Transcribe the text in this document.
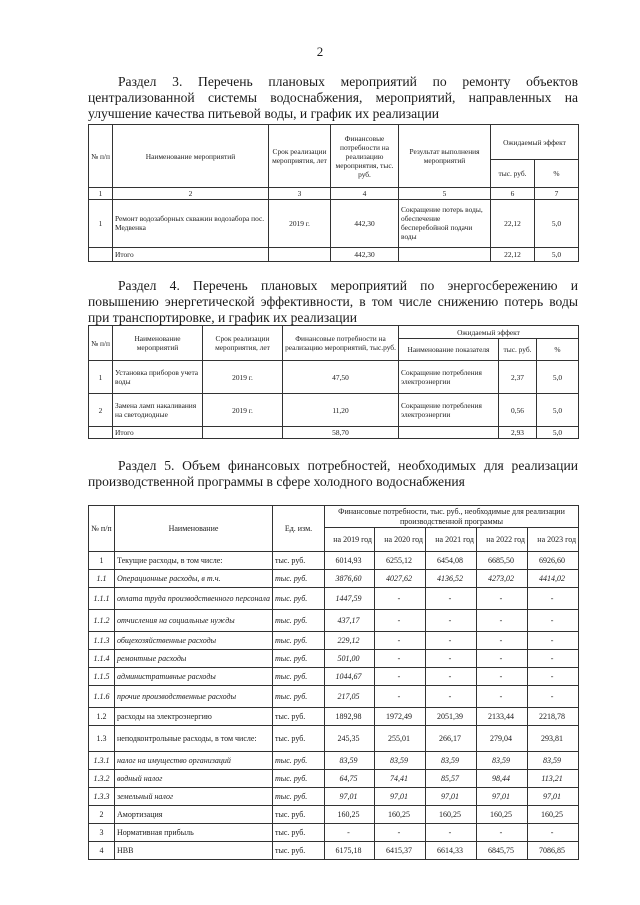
2
Раздел 3. Перечень плановых мероприятий по ремонту объектов централизованной системы водоснабжения, мероприятий, направленных на улучшение качества питьевой воды, и график их реализации
№ п/п	Наименование мероприятий	Срок реализации мероприятия, лет	Финансовые потребности на реализацию мероприятия, тыс. руб.	Результат выполнения мероприятий	Ожидаемый эффект	
					тыс. руб.	%
1	2	3	4	5	6	7
1	Ремонт водозаборных скважин водозабора пос. Медвенка	2019 г.	442,30	Сокращение потерь воды, обеспечение бесперебойной подачи воды	22,12	5,0
	Итого		442,30		22,12	5,0
Раздел 4. Перечень плановых мероприятий по энергосбережению и повышению энергетической эффективности, в том числе снижению потерь воды при транспортировке, и график их реализации
№ п/п	Наименование мероприятий	Срок реализации мероприятия, лет	Финансовые потребности на реализацию мероприятий, тыс.руб.	Ожидаемый эффект		
				Наименование показателя	тыс. руб.	%
1	Установка приборов учета воды	2019 г.	47,50	Сокращение потребления электроэнергии	2,37	5,0
2	Замена ламп накаливания на светодиодные	2019 г.	11,20	Сокращение потребления электроэнергии	0,56	5,0
	Итого		58,70		2,93	5,0
Раздел 5. Объем финансовых потребностей, необходимых для реализации производственной программы в сфере холодного водоснабжения
№ п/п	Наименование	Ед. изм.	Финансовые потребности, тыс. руб., необходимые для реализации производственной программы				
			на 2019 год	на 2020 год	на 2021 год	на 2022 год	на 2023 год
1	Текущие расходы, в том числе:	тыс. руб.	6014,93	6255,12	6454,08	6685,50	6926,60
1.1	Операционные расходы, в т.ч.	тыс. руб.	3876,60	4027,62	4136,52	4273,02	4414,02
1.1.1	оплата труда производственного персонала	тыс. руб.	1447,59	-	-	-	-
1.1.2	отчисления на социальные нужды	тыс. руб.	437,17	-	-	-	-
1.1.3	общехозяйственные расходы	тыс. руб.	229,12	-	-	-	-
1.1.4	ремонтные расходы	тыс. руб.	501,00	-	-	-	-
1.1.5	административные расходы	тыс. руб.	1044,67	-	-	-	-
1.1.6	прочие производственные расходы	тыс. руб.	217,05	-	-	-	-
1.2	расходы на электроэнергию	тыс. руб.	1892,98	1972,49	2051,39	2133,44	2218,78
1.3	неподконтрольные расходы, в том числе:	тыс. руб.	245,35	255,01	266,17	279,04	293,81
1.3.1	налог на имущество организаций	тыс. руб.	83,59	83,59	83,59	83,59	83,59
1.3.2	водный налог	тыс. руб.	64,75	74,41	85,57	98,44	113,21
1.3.3	земельный налог	тыс. руб.	97,01	97,01	97,01	97,01	97,01
2	Амортизация	тыс. руб.	160,25	160,25	160,25	160,25	160,25
3	Нормативная прибыль	тыс. руб.	-	-	-	-	-
4	НВВ	тыс. руб.	6175,18	6415,37	6614,33	6845,75	7086,85
